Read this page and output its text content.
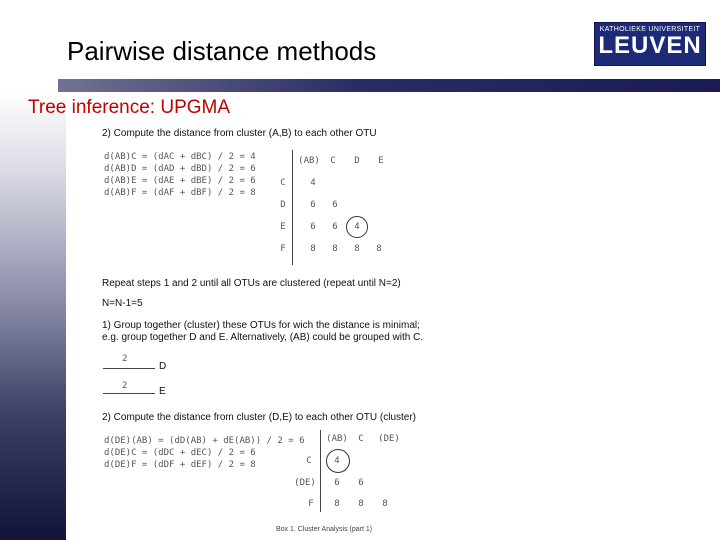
Pairwise distance methods
KATHOLIEKE UNIVERSITEIT
LEUVEN
Tree inference: UPGMA
2) Compute the distance from cluster (A,B) to each other OTU
d(AB)C = (dAC + dBC) / 2 = 4
d(AB)D = (dAD + dBD) / 2 = 6
d(AB)E = (dAE + dBE) / 2 = 6
d(AB)F = (dAF + dBF) / 2 = 8
(AB)	C	D	E
C	4
D	6	6
E	6	6	4
F	8	8	8	8
Repeat steps 1 and 2 until all OTUs are clustered (repeat until N=2)
N=N-1=5
1) Group together (cluster) these OTUs for wich the distance is minimal;
e.g. group together D and E. Alternatively, (AB) could be grouped with C.
2
D
2	E
2) Compute the distance from cluster (D,E) to each other OTU (cluster)
d(DE)(AB) = (dD(AB) + dE(AB)) / 2 = 6
d(DE)C = (dDC + dEC) / 2 = 6
d(DE)F = (dDF + dEF) / 2 = 8
(AB)	C	(DE)
C	4
(DE)	6	6
F	8	8	8
Box 1. Cluster Analysis (part 1)
